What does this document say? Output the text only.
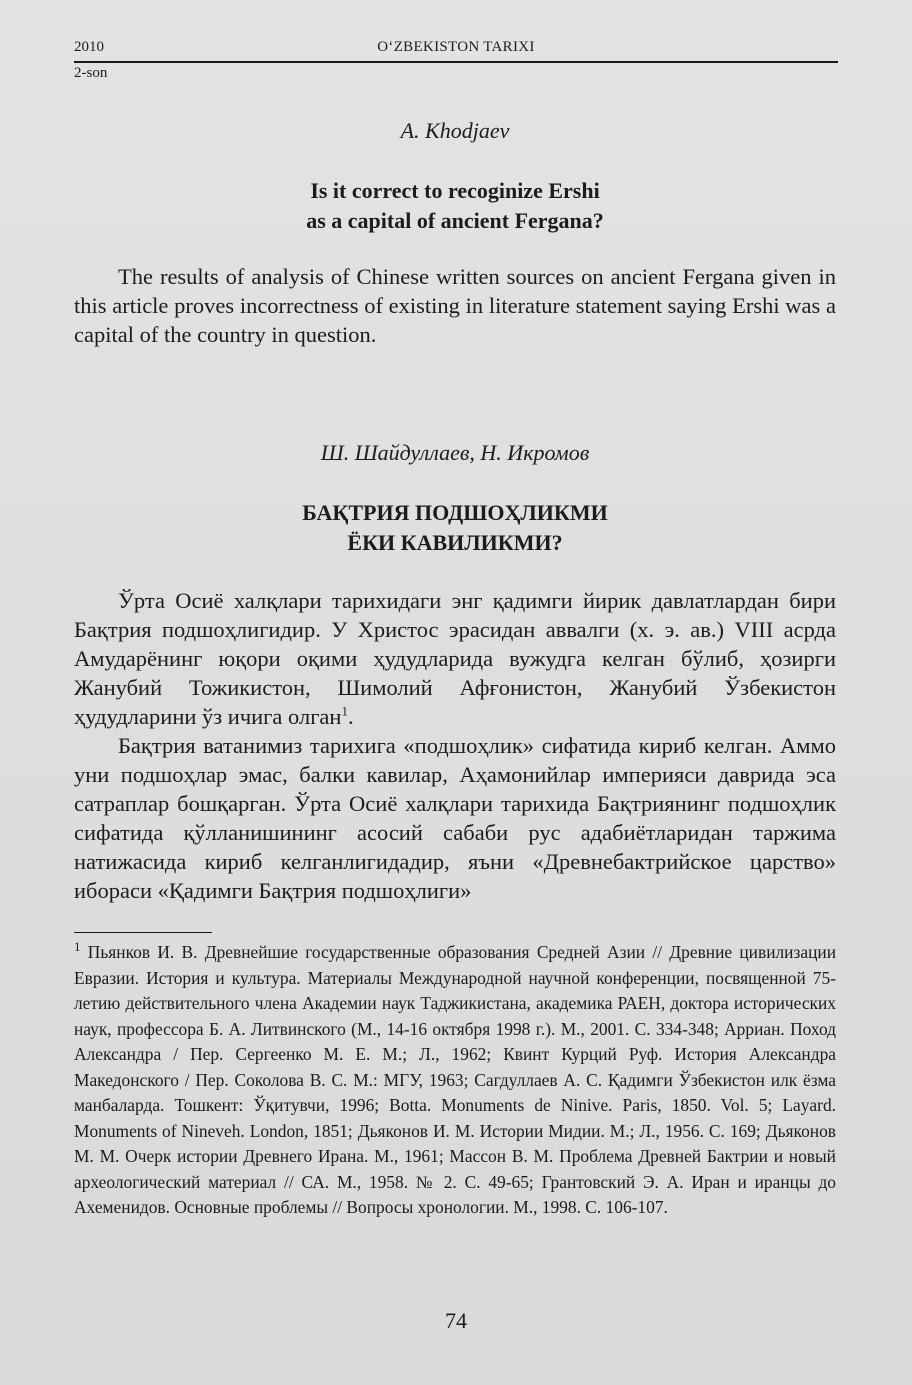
2010	O‘ZBEKISTON TARIXI
2-son
A. Khodjaev
Is it correct to recoginize Ershi
as a capital of ancient Fergana?

The results of analysis of Chinese written sources on ancient Fergana given in this article proves incorrectness of existing in literature statement saying Ershi was a capital of the country in question.

Ш. Шайдуллаев, Н. Икромов
БАҚТРИЯ ПОДШОҲЛИКМИ
ЁКИ КАВИЛИКМИ?

Ўрта Осиё халқлари тарихидаги энг қадимги йирик давлатлардан бири Бақтрия подшоҳлигидир. У Христос эрасидан аввалги (х. э. ав.) VIII асрда Амударёнинг юқори оқими ҳудудларида вужудга келган бўлиб, ҳозирги Жанубий Тожикистон, Шимолий Афғонистон, Жанубий Ўзбекистон ҳудудларини ўз ичига олган$^1$.

Бақтрия ватанимиз тарихига «подшоҳлик» сифатида кириб келган. Аммо уни подшоҳлар эмас, балки кавилар, Аҳамонийлар империяси даврида эса сатраплар бошқарган. Ўрта Осиё халқлари тарихида Бақтриянинг подшоҳлик сифатида қўлланишининг асосий сабаби рус адабиётларидан таржима натижасида кириб келганлигидадир, яъни «Древнебактрийское царство» ибораси «Қадимги Бақтрия подшоҳлиги»

$^1$ Пьянков И. В. Древнейшие государственные образования Средней Азии // Древние цивилизации Евразии. История и культура. Материалы Международной научной конференции, посвященной 75-летию действительного члена Академии наук Таджикистана, академика РАЕН, доктора исторических наук, профессора Б. А. Литвинского (М., 14-16 октября 1998 г.). М., 2001. С. 334-348; Арриан. Поход Александра / Пер. Сергеенко М. Е. М.; Л., 1962; Квинт Курций Руф. История Александра Македонского / Пер. Соколова В. С. М.: МГУ, 1963; Сагдуллаев А. С. Қадимги Ўзбекистон илк ёзма манбаларда. Тошкент: Ўқитувчи, 1996; Botta. Monuments de Ninive. Paris, 1850. Vol. 5; Layard. Monuments of Nineveh. London, 1851; Дьяконов И. М. Истории Мидии. М.; Л., 1956. С. 169; Дьяконов М. М. Очерк истории Древнего Ирана. М., 1961; Массон В. М. Проблема Древней Бактрии и новый археологический материал // СА. М., 1958. № 2. С. 49-65; Грантовский Э. А. Иран и иранцы до Ахеменидов. Основные проблемы // Вопросы хронологии. М., 1998. С. 106-107.

74
